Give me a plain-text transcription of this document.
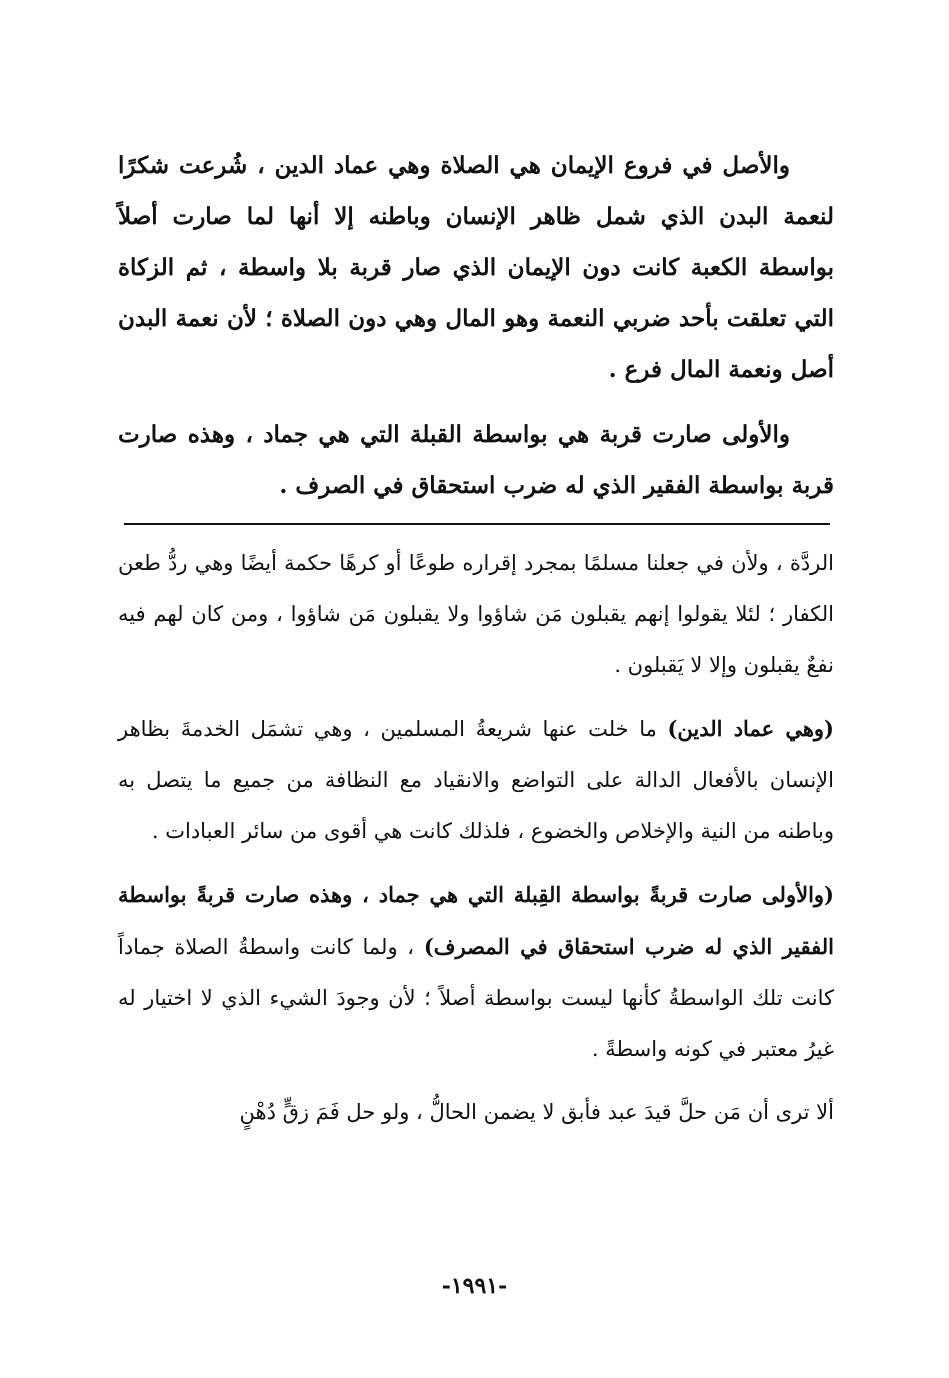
والأصل في فروع الإيمان هي الصلاة وهي عماد الدين ، شُرعت شكرًا لنعمة البدن الذي شمل ظاهر الإنسان وباطنه إلا أنها لما صارت أصلاً بواسطة الكعبة كانت دون الإيمان الذي صار قربة بلا واسطة ، ثم الزكاة التي تعلقت بأحد ضربي النعمة وهو المال وهي دون الصلاة ؛ لأن نعمة البدن أصل ونعمة المال فرع .

والأولى صارت قربة هي بواسطة القبلة التي هي جماد ، وهذه صارت قربة بواسطة الفقير الذي له ضرب استحقاق في الصرف .

الردَّة ، ولأن في جعلنا مسلمًا بمجرد إقراره طوعًا أو كرهًا حكمة أيضًا وهي ردُّ طعن الكفار ؛ لئلا يقولوا إنهم يقبلون مَن شاؤوا ولا يقبلون مَن شاؤوا ، ومن كان لهم فيه نفعٌ يقبلون وإلا لا يَقبلون .

(وهي عماد الدين) ما خلت عنها شريعةُ المسلمين ، وهي تشمَل الخدمةَ بظاهر الإنسان بالأفعال الدالة على التواضع والانقياد مع النظافة من جميع ما يتصل به وباطنه من النية والإخلاص والخضوع ، فلذلك كانت هي أقوى من سائر العبادات .

(والأولى صارت قربةً بواسطة القِبلة التي هي جماد ، وهذه صارت قربةً بواسطة الفقير الذي له ضرب استحقاق في المصرف) ، ولما كانت واسطةُ الصلاة جماداً كانت تلك الواسطةُ كأنها ليست بواسطة أصلاً ؛ لأن وجودَ الشيء الذي لا اختيار له غيرُ معتبر في كونه واسطةً .

ألا ترى أن مَن حلَّ قيدَ عبد فأبق لا يضمن الحالُّ ، ولو حل فَمَ زقٍّ دُهْنٍ

-١٩٩١-
